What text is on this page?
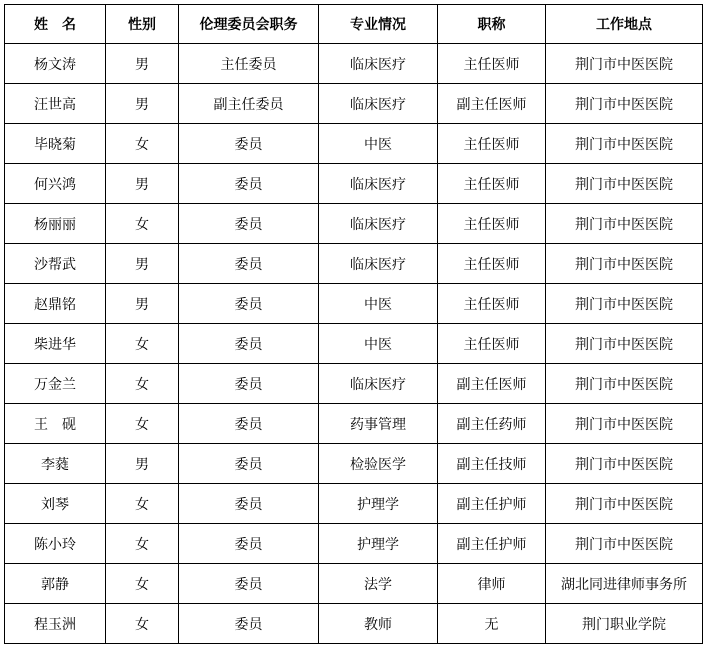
姓　名	性别	伦理委员会职务	专业情况	职称	工作地点
杨文涛	男	主任委员	临床医疗	主任医师	荆门市中医医院
汪世高	男	副主任委员	临床医疗	副主任医师	荆门市中医医院
毕晓菊	女	委员	中医	主任医师	荆门市中医医院
何兴鸿	男	委员	临床医疗	主任医师	荆门市中医医院
杨丽丽	女	委员	临床医疗	主任医师	荆门市中医医院
沙帮武	男	委员	临床医疗	主任医师	荆门市中医医院
赵鼎铭	男	委员	中医	主任医师	荆门市中医医院
柴进华	女	委员	中医	主任医师	荆门市中医医院
万金兰	女	委员	临床医疗	副主任医师	荆门市中医医院
王　砚	女	委员	药事管理	副主任药师	荆门市中医医院
李蕤	男	委员	检验医学	副主任技师	荆门市中医医院
刘琴	女	委员	护理学	副主任护师	荆门市中医医院
陈小玲	女	委员	护理学	副主任护师	荆门市中医医院
郭静	女	委员	法学	律师	湖北同进律师事务所
程玉洲	女	委员	教师	无	荆门职业学院
